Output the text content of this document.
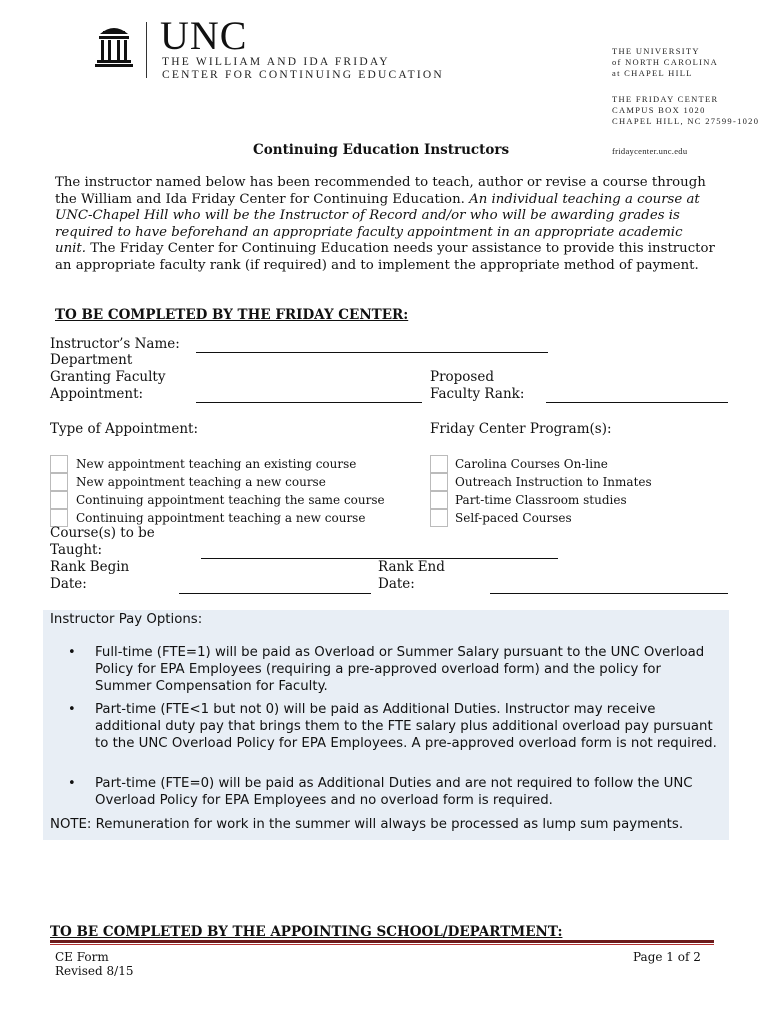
UNC
THE WILLIAM AND IDA FRIDAY
CENTER FOR CONTINUING EDUCATION
THE UNIVERSITY
of NORTH CAROLINA
at CHAPEL HILL
THE FRIDAY CENTER
CAMPUS BOX 1020
CHAPEL HILL, NC 27599-1020
fridaycenter.unc.edu
Continuing Education Instructors
The instructor named below has been recommended to teach, author or revise a course through the William and Ida Friday Center for Continuing Education. An individual teaching a course at UNC-Chapel Hill who will be the Instructor of Record and/or who will be awarding grades is required to have beforehand an appropriate faculty appointment in an appropriate academic unit. The Friday Center for Continuing Education needs your assistance to provide this instructor an appropriate faculty rank (if required) and to implement the appropriate method of payment.
TO BE COMPLETED BY THE FRIDAY CENTER:
Instructor’s Name:
Department
Granting Faculty
Appointment:
Proposed
Faculty Rank:
Type of Appointment:	Friday Center Program(s):
New appointment teaching an existing course
New appointment teaching a new course
Continuing appointment teaching the same course
Continuing appointment teaching a new course
Carolina Courses On-line
Outreach Instruction to Inmates
Part-time Classroom studies
Self-paced Courses
Course(s) to be
Taught:
Rank Begin
Date:
Rank End
Date:
Instructor Pay Options:
• Full-time (FTE=1) will be paid as Overload or Summer Salary pursuant to the UNC Overload Policy for EPA Employees (requiring a pre-approved overload form) and the policy for Summer Compensation for Faculty.
• Part-time (FTE<1 but not 0) will be paid as Additional Duties. Instructor may receive additional duty pay that brings them to the FTE salary plus additional overload pay pursuant to the UNC Overload Policy for EPA Employees. A pre-approved overload form is not required.
• Part-time (FTE=0) will be paid as Additional Duties and are not required to follow the UNC Overload Policy for EPA Employees and no overload form is required.
NOTE: Remuneration for work in the summer will always be processed as lump sum payments.
TO BE COMPLETED BY THE APPOINTING SCHOOL/DEPARTMENT:
CE Form
Revised 8/15
Page 1 of 2
